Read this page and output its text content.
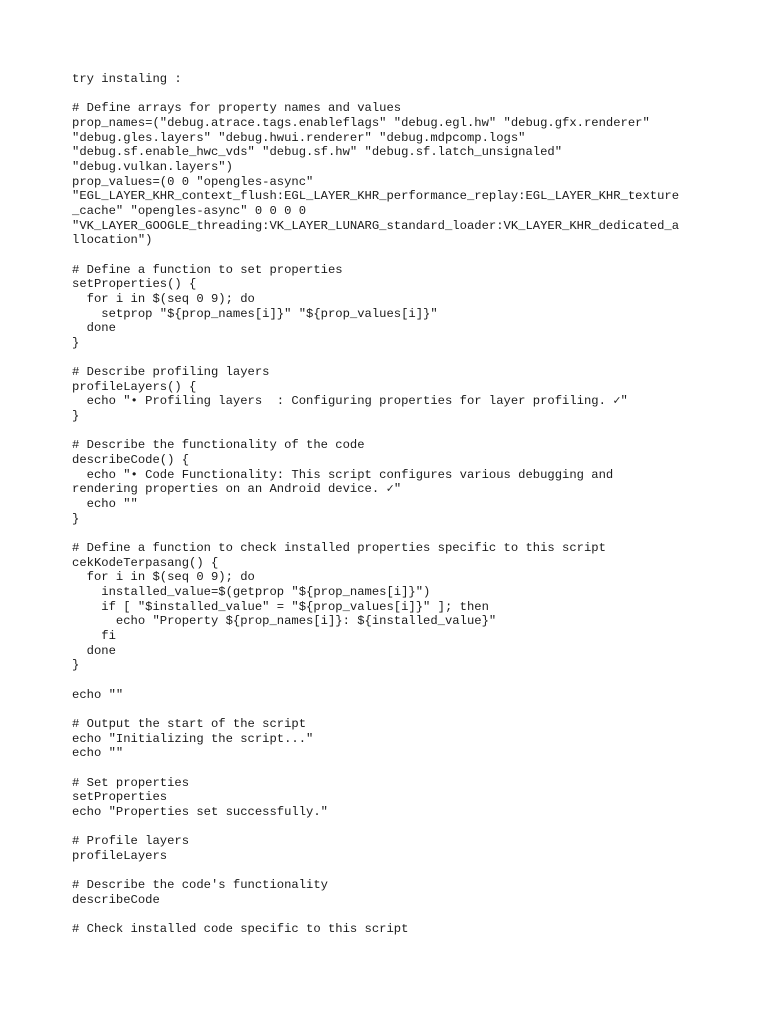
try instaling :
# Define arrays for property names and values
prop_names=("debug.atrace.tags.enableflags" "debug.egl.hw" "debug.gfx.renderer"
"debug.gles.layers" "debug.hwui.renderer" "debug.mdpcomp.logs"
"debug.sf.enable_hwc_vds" "debug.sf.hw" "debug.sf.latch_unsignaled"
"debug.vulkan.layers")
prop_values=(0 0 "opengles-async"
"EGL_LAYER_KHR_context_flush:EGL_LAYER_KHR_performance_replay:EGL_LAYER_KHR_texture
_cache" "opengles-async" 0 0 0 0
"VK_LAYER_GOOGLE_threading:VK_LAYER_LUNARG_standard_loader:VK_LAYER_KHR_dedicated_a
llocation")
# Define a function to set properties
setProperties() {
for i in $(seq 0 9); do
setprop "${prop_names[i]}" "${prop_values[i]}"
done
}
# Describe profiling layers
profileLayers() {
echo "• Profiling layers  : Configuring properties for layer profiling. ✓"
}
# Describe the functionality of the code
describeCode() {
echo "• Code Functionality: This script configures various debugging and
rendering properties on an Android device. ✓"
echo ""
}
# Define a function to check installed properties specific to this script
cekKodeTerpasang() {
for i in $(seq 0 9); do
installed_value=$(getprop "${prop_names[i]}")
if [ "$installed_value" = "${prop_values[i]}" ]; then
echo "Property ${prop_names[i]}: ${installed_value}"
fi
done
}
echo ""
# Output the start of the script
echo "Initializing the script..."
echo ""
# Set properties
setProperties
echo "Properties set successfully."
# Profile layers
profileLayers
# Describe the code's functionality
describeCode
# Check installed code specific to this script
